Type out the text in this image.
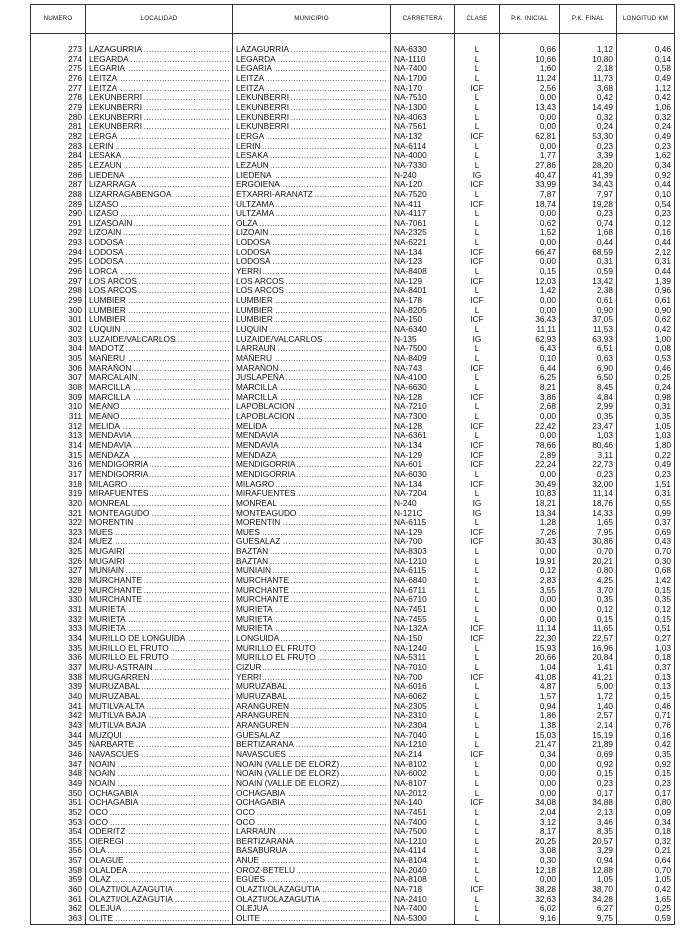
NUMERO	LOCALIDAD	MUNICIPIO	CARRETERA	CLASE	P.K. INICIAL	P.K. FINAL	LONGITUD KM

273	LAZAGURRIA .....	LAZAGURRIA .....	NA-6330	L	0,66	1,12	0,46
274	LEGARDA .....	LEGARDA .....	NA-1110	L	10,66	10,80	0,14
275	LEGARIA .....	LEGARIA .....	NA-7400	L	1,60	2,18	0,58
276	LEITZA .....	LEITZA .....	NA-1700	L	11,24	11,73	0,49
277	LEITZA .....	LEITZA .....	NA-170	ICF	2,56	3,68	1,12
278	LEKUNBERRI .....	LEKUNBERRI .....	NA-7510	L	0,00	0,42	0,42
279	LEKUNBERRI .....	LEKUNBERRI .....	NA-1300	L	13,43	14,49	1,06
280	LEKUNBERRI .....	LEKUNBERRI .....	NA-4063	L	0,00	0,32	0,32
281	LEKUNBERRI .....	LEKUNBERRI .....	NA-7561	L	0,00	0,24	0,24
282	LERGA .....	LERGA .....	NA-132	ICF	62,81	53,30	0,49
283	LERIN .....	LERIN .....	NA-6114	L	0,00	0,23	0,23
284	LESAKA .....	LESAKA .....	NA-4000	L	1,77	3,39	1,62
285	LEZAUN .....	LEZAUN .....	NA-7330	L	27,86	28,20	0,34
286	LIEDENA .....	LIEDENA .....	N-240	IG	40,47	41,39	0,92
287	LIZARRAGA .....	ERGOIENA .....	NA-120	ICF	33,99	34,43	0,44
288	LIZARRAGABENGOA .....	ETXARRI-ARANATZ .....	NA-7520	L	7,87	7,97	0,10
289	LIZASO .....	ULTZAMA .....	NA-411	ICF	18,74	19,28	0,54
290	LIZASO .....	ULTZAMA .....	NA-4117	L	0,00	0,23	0,23
291	LIZASOAIN .....	OLZA .....	NA-7061	L	0,62	0,74	0,12
292	LIZOAIN .....	LIZOAIN .....	NA-2325	L	1,52	1,68	0,16
293	LODOSA .....	LODOSA .....	NA-6221	L	0,00	0,44	0,44
294	LODOSA .....	LODOSA .....	NA-134	ICF	66,47	68,59	2,12
295	LODOSA .....	LODOSA .....	NA-123	ICF	0,00	0,31	0,31
296	LORCA .....	YERRI .....	NA-8408	L	0,15	0,59	0,44
297	LOS ARCOS .....	LOS ARCOS .....	NA-129	ICF	12,03	13,42	1,39
298	LOS ARCOS .....	LOS ARCOS .....	NA-8401	L	1,42	2,38	0,96
299	LUMBIER .....	LUMBIER .....	NA-178	ICF	0,00	0,61	0,61
300	LUMBIER .....	LUMBIER .....	NA-8205	L	0,00	0,90	0,90
301	LUMBIER .....	LUMBIER .....	NA-150	ICF	36,43	37,05	0,62
302	LUQUIN .....	LUQUIN .....	NA-6340	L	11,11	11,53	0,42
303	LUZAIDE/VALCARLOS .....	LUZAIDE/VALCARLOS .....	N-135	IG	62,93	63,93	1,00
304	MADOTZ .....	LARRAUN .....	NA-7500	L	6,43	6,51	0,08
305	MAÑERU .....	MAÑERU .....	NA-8409	L	0,10	0,63	0,53
306	MARAÑON .....	MARAÑON .....	NA-743	ICF	6,44	6,90	0,46
307	MARCALAIN .....	JUSLAPEÑA .....	NA-4100	L	6,25	6,50	0,25
308	MARCILLA .....	MARCILLA .....	NA-6630	L	8,21	8,45	0,24
309	MARCILLA .....	MARCILLA .....	NA-128	ICF	3,86	4,84	0,98
310	MEANO .....	LAPOBLACION .....	NA-7210	L	2,68	2,99	0,31
311	MEANO .....	LAPOBLACION .....	NA-7300	L	0,00	0,35	0,35
312	MELIDA .....	MELIDA .....	NA-128	ICF	22,42	23,47	1,05
313	MENDAVIA .....	MENDAVIA .....	NA-6361	L	0,00	1,03	1,03
314	MENDAVIA .....	MENDAVIA .....	NA-134	ICF	78,66	80,46	1,80
315	MENDAZA .....	MENDAZA .....	NA-129	ICF	2,89	3,11	0,22
316	MENDIGORRIA .....	MENDIGORRIA .....	NA-601	ICF	22,24	22,73	0,49
317	MENDIGORRIA .....	MENDIGORRIA .....	NA-6030	L	0,00	0,23	0,23
318	MILAGRO .....	MILAGRO .....	NA-134	ICF	30,49	32,00	1,51
319	MIRAFUENTES .....	MIRAFUENTES .....	NA-7204	L	10,83	11,14	0,31
320	MONREAL .....	MONREAL .....	N-240	IG	18,21	18,76	0,55
321	MONTEAGUDO .....	MONTEAGUDO .....	N-121C	IG	13,34	14,33	0,99
322	MORENTIN .....	MORENTIN .....	NA-6115	L	1,28	1,65	0,37
323	MUES .....	MUES .....	NA-129	ICF	7,26	7,95	0,69
324	MUEZ .....	GUESALAZ .....	NA-700	ICF	30,43	30,86	0,43
325	MUGAIRI .....	BAZTAN .....	NA-8303	L	0,00	0,70	0,70
326	MUGAIRI .....	BAZTAN .....	NA-1210	L	19,91	20,21	0,30
327	MUNIAIN .....	MUNIAIN .....	NA-6115	L	0,12	0,80	0,68
328	MURCHANTE .....	MURCHANTE .....	NA-6840	L	2,83	4,25	1,42
329	MURCHANTE .....	MURCHANTE .....	NA-6711	L	3,55	3,70	0,15
330	MURCHANTE .....	MURCHANTE .....	NA-6710	L	0,00	0,35	0,35
331	MURIETA .....	MURIETA .....	NA-7451	L	0,00	0,12	0,12
332	MURIETA .....	MURIETA .....	NA-7455	L	0,00	0,15	0,15
333	MURIETA .....	MURIETA .....	NA-132A	ICF	11,14	11,65	0,51
334	MURILLO DE LONGUIDA .....	LONGUIDA .....	NA-150	ICF	22,30	22,57	0,27
335	MURILLO EL FRUTO .....	MURILLO EL FRUTO .....	NA-1240	L	15,93	16,96	1,03
336	MURILLO EL FRUTO .....	MURILLO EL FRUTO .....	NA-5311	L	20,66	20,84	0,18
337	MURU-ASTRAIN .....	CIZUR .....	NA-7010	L	1,04	1,41	0,37
338	MURUGARREN .....	YERRI .....	NA-700	ICF	41,08	41,21	0,13
339	MURUZABAL .....	MURUZABAL .....	NA-6016	L	4,87	5,00	0,13
340	MURUZABAL .....	MURUZABAL .....	NA-6062	L	1,57	1,72	0,15
341	MUTILVA ALTA .....	ARANGUREN .....	NA-2305	L	0,94	1,40	0,46
342	MUTILVA BAJA .....	ARANGUREN .....	NA-2310	L	1,86	2,57	0,71
343	MUTILVA BAJA .....	ARANGUREN .....	NA-2304	L	1,38	2,14	0,76
344	MUZQUI .....	GUESALAZ .....	NA-7040	L	15,03	15,19	0,16
345	NARBARTE .....	BERTIZARANA .....	NA-1210	L	21,47	21,89	0,42
346	NAVASCUES .....	NAVASCUES .....	NA-214	ICF	0,34	0,69	0,35
347	NOAIN .....	NOAIN (VALLE DE ELORZ) .....	NA-8102	L	0,00	0,92	0,92
348	NOAIN .....	NOAIN (VALLE DE ELORZ) .....	NA-6002	L	0,00	0,15	0,15
349	NOAIN .....	NOAIN (VALLE DE ELORZ) .....	NA-8107	L	0,00	0,23	0,23
350	OCHAGABIA .....	OCHAGABIA .....	NA-2012	L	0,00	0,17	0,17
351	OCHAGABIA .....	OCHAGABIA .....	NA-140	ICF	34,08	34,88	0,80
352	OCO .....	OCO .....	NA-7451	L	2,04	2,13	0,09
353	OCO .....	OCO .....	NA-7400	L	3,12	3,46	0,34
354	ODERITZ .....	LARRAUN .....	NA-7500	L	8,17	8,35	0,18
355	OIEREGI .....	BERTIZARANA .....	NA-1210	L	20,25	20,57	0,32
356	OLA .....	BASABURUA .....	NA-4114	L	3,08	3,29	0,21
357	OLAGUE .....	ANUE .....	NA-8104	L	0,30	0,94	0,64
358	OLALDEA .....	OROZ-BETELU .....	NA-2040	L	12,18	12,88	0,70
359	OLAZ .....	EGÜES .....	NA-8108	L	0,00	1,05	1,05
360	OLAZTI/OLAZAGUTIA .....	OLAZTI/OLAZAGUTIA .....	NA-718	ICF	38,28	38,70	0,42
361	OLAZTI/OLAZAGUTIA .....	OLAZTI/OLAZAGUTIA .....	NA-2410	L	32,63	34,28	1,65
362	OLEJUA .....	OLEJUA .....	NA-7400	L	6,02	6,27	0,25
363	OLITE .....	OLITE .....	NA-5300	L	9,16	9,75	0,59
